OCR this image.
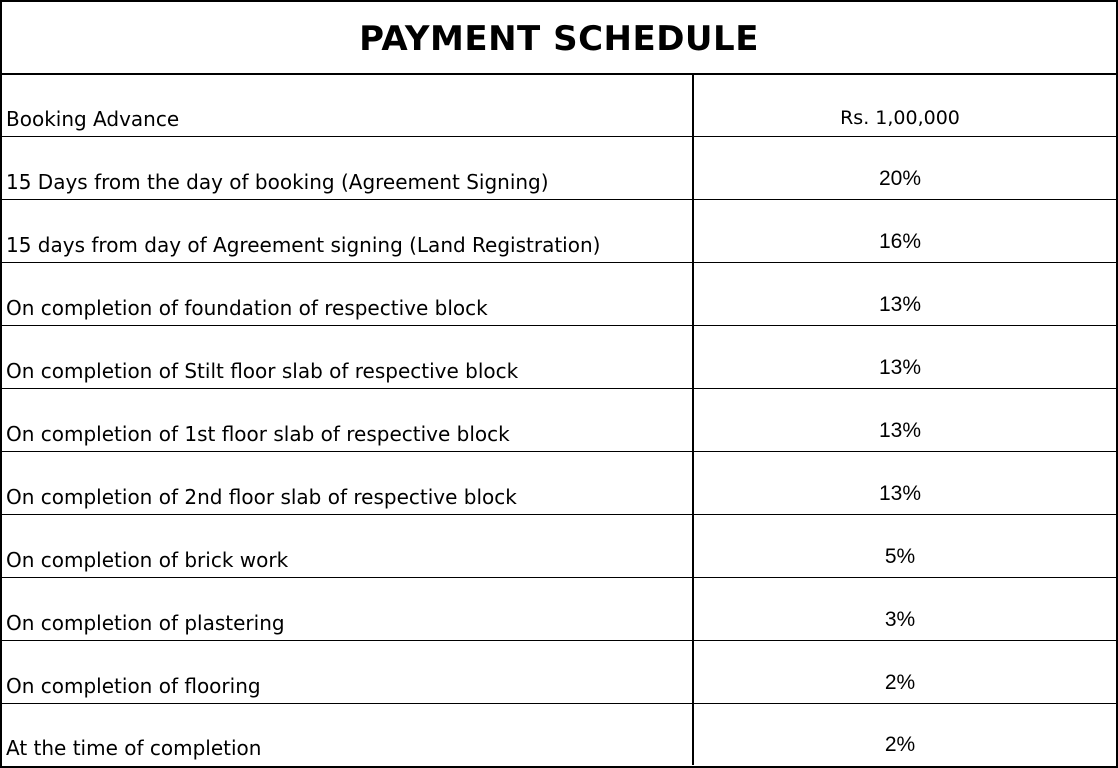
PAYMENT SCHEDULE
Booking Advance	Rs. 1,00,000
15 Days from the day of booking (Agreement Signing)	20%
15 days from day of Agreement signing (Land Registration)	16%
On completion of foundation of respective block	13%
On completion of Stilt floor slab of respective block	13%
On completion of 1st floor slab of respective block	13%
On completion of 2nd floor slab of respective block	13%
On completion of brick work	5%
On completion of plastering	3%
On completion of flooring	2%
At the time of completion	2%
